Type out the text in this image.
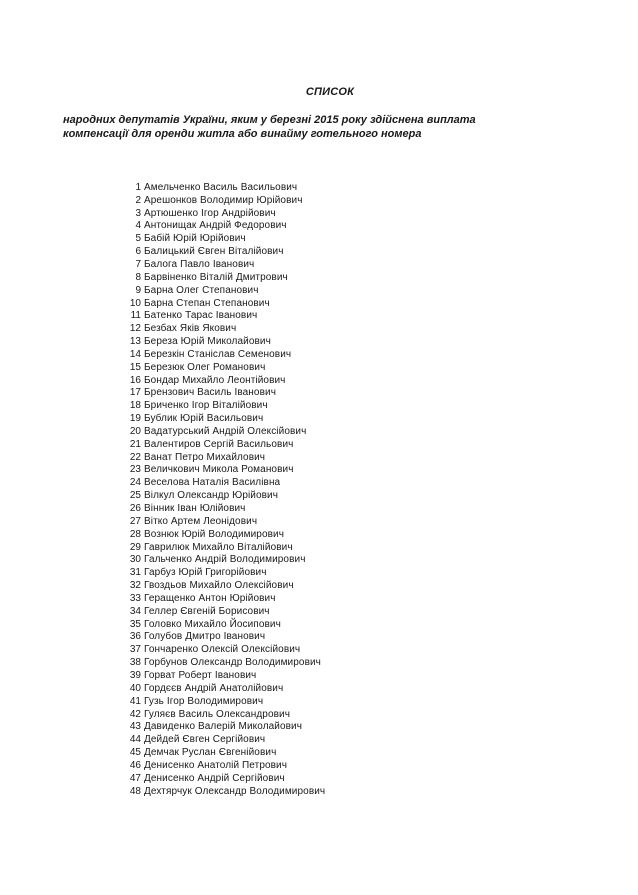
СПИСОК
народних депутатів України, яким у березні 2015 року здійснена виплата
компенсації для оренди житла або винайму готельного номера
1 Амельченко Василь Васильович
2 Арешонков Володимир Юрійович
3 Артюшенко Ігор Андрійович
4 Антонищак Андрій Федорович
5 Бабій Юрій Юрійович
6 Балицький Євген Віталійович
7 Балога Павло Іванович
8 Барвіненко Віталій Дмитрович
9 Барна Олег Степанович
10 Барна Степан Степанович
11 Батенко Тарас Іванович
12 Безбах Яків Якович
13 Береза Юрій Миколайович
14 Березкін Станіслав Семенович
15 Березюк Олег Романович
16 Бондар Михайло Леонтійович
17 Брензович Василь Іванович
18 Бриченко Ігор Віталійович
19 Бублик Юрій Васильович
20 Вадатурський Андрій Олексійович
21 Валентиров Сергій Васильович
22 Ванат Петро Михайлович
23 Величкович Микола Романович
24 Веселова Наталія Василівна
25 Вілкул Олександр Юрійович
26 Вінник Іван Юлійович
27 Вітко Артем Леонідович
28 Вознюк Юрій Володимирович
29 Гаврилюк Михайло Віталійович
30 Гальченко Андрій Володимирович
31 Гарбуз Юрій Григорійович
32 Гвоздьов Михайло Олексійович
33 Геращенко Антон Юрійович
34 Геллер Євгеній Борисович
35 Головко Михайло Йосипович
36 Голубов Дмитро Іванович
37 Гончаренко Олексій Олексійович
38 Горбунов Олександр Володимирович
39 Горват Роберт Іванович
40 Гордєєв Андрій Анатолійович
41 Гузь Ігор Володимирович
42 Гуляєв Василь Олександрович
43 Давиденко Валерій Миколайович
44 Дейдей Євген Сергійович
45 Демчак Руслан Євгенійович
46 Денисенко Анатолій Петрович
47 Денисенко Андрій Сергійович
48 Дехтярчук Олександр Володимирович
